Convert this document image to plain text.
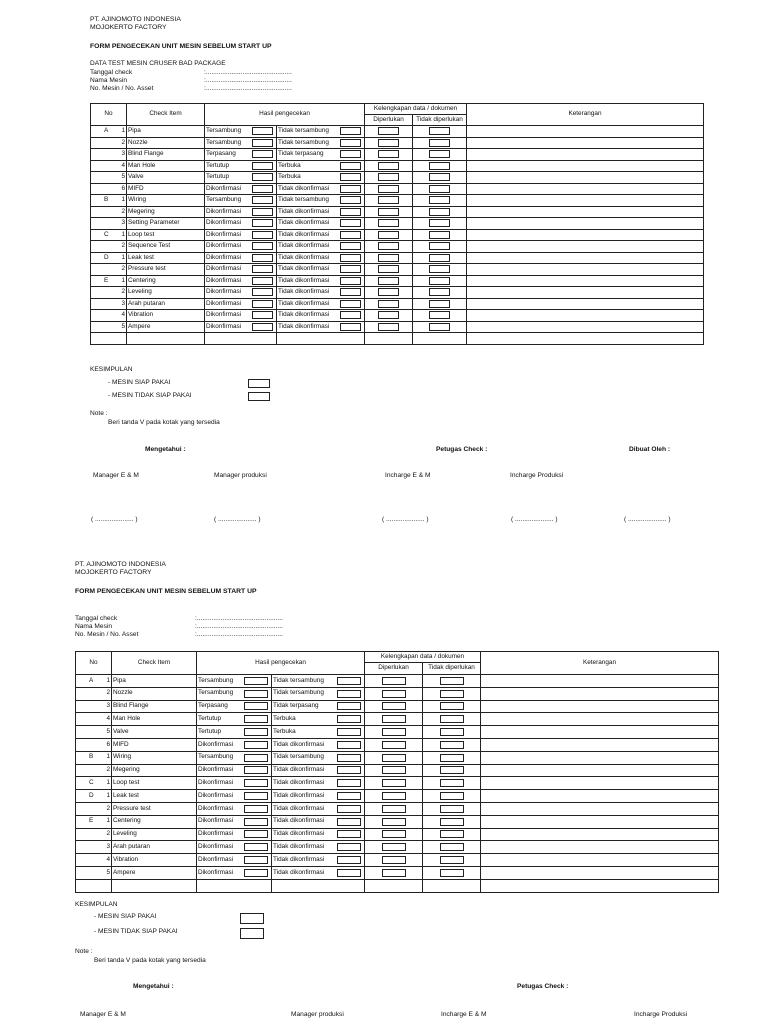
PT. AJINOMOTO INDONESIA
MOJOKERTO FACTORY
FORM PENGECEKAN UNIT MESIN SEBELUM START UP
DATA TEST MESIN CRUSER BAD PACKAGE
Tanggal check	:...............................................
Nama Mesin	:...............................................
No. Mesin / No. Asset	:...............................................
No	Check Item	Hasil pengecekan		Kelengkapan data / dokumen		Keterangan
				Diperlukan	Tidak diperlukan	

A 1	Pipa	Tersambung	Tidak tersambung			

2	Nozzle	Tersambung	Tidak tersambung			

3	Blind Flange	Terpasang	Tidak terpasang			

4	Man Hole	Tertutup	Terbuka			

5	Valve	Tertutup	Terbuka			

6	MIFD	Dikonfirmasi	Tidak dikonfirmasi			

B 1	Wiring	Tersambung	Tidak tersambung			

2	Megering	Dikonfirmasi	Tidak dikonfirmasi			

3	Setting Parameter	Dikonfirmasi	Tidak dikonfirmasi			

C 1	Loop test	Dikonfirmasi	Tidak dikonfirmasi			

2	Sequence Test	Dikonfirmasi	Tidak dikonfirmasi			

D 1	Leak test	Dikonfirmasi	Tidak dikonfirmasi			

2	Pressure test	Dikonfirmasi	Tidak dikonfirmasi			

E 1	Centering	Dikonfirmasi	Tidak dikonfirmasi			

2	Leveling	Dikonfirmasi	Tidak dikonfirmasi			

3	Arah putaran	Dikonfirmasi	Tidak dikonfirmasi			

4	Vibration	Dikonfirmasi	Tidak dikonfirmasi			

5	Ampere	Dikonfirmasi	Tidak dikonfirmasi			

KESIMPULAN
- MESIN SIAP PAKAI
- MESIN TIDAK SIAP PAKAI
Note :
Beri tanda V pada kotak yang tersedia
Mengetahui :	Petugas Check :	Dibuat Oleh :
Manager E & M	Manager produksi	Incharge E & M	Incharge Produksi
( ..................... )	( ..................... )	( ..................... )	( ..................... )	( ..................... )
PT. AJINOMOTO INDONESIA
MOJOKERTO FACTORY
FORM PENGECEKAN UNIT MESIN SEBELUM START UP
Tanggal check	:...............................................
Nama Mesin	:...............................................
No. Mesin / No. Asset	:...............................................
No	Check Item	Hasil pengecekan		Kelengkapan data / dokumen		Keterangan
				Diperlukan	Tidak diperlukan	

A 1	Pipa	Tersambung	Tidak tersambung			

2	Nozzle	Tersambung	Tidak tersambung			

3	Blind Flange	Terpasang	Tidak terpasang			

4	Man Hole	Tertutup	Terbuka			

5	Valve	Tertutup	Terbuka			

6	MIFD	Dikonfirmasi	Tidak dikonfirmasi			

B 1	Wiring	Tersambung	Tidak tersambung			

2	Megering	Dikonfirmasi	Tidak dikonfirmasi			

C 1	Loop test	Dikonfirmasi	Tidak dikonfirmasi			

D 1	Leak test	Dikonfirmasi	Tidak dikonfirmasi			

2	Pressure test	Dikonfirmasi	Tidak dikonfirmasi			

E 1	Centering	Dikonfirmasi	Tidak dikonfirmasi			

2	Leveling	Dikonfirmasi	Tidak dikonfirmasi			

3	Arah putaran	Dikonfirmasi	Tidak dikonfirmasi			

4	Vibration	Dikonfirmasi	Tidak dikonfirmasi			

5	Ampere	Dikonfirmasi	Tidak dikonfirmasi			

KESIMPULAN
- MESIN SIAP PAKAI
- MESIN TIDAK SIAP PAKAI
Note :
Beri tanda V pada kotak yang tersedia
Mengetahui :	Petugas Check :
Manager E & M	Manager produksi	Incharge E & M	Incharge Produksi
